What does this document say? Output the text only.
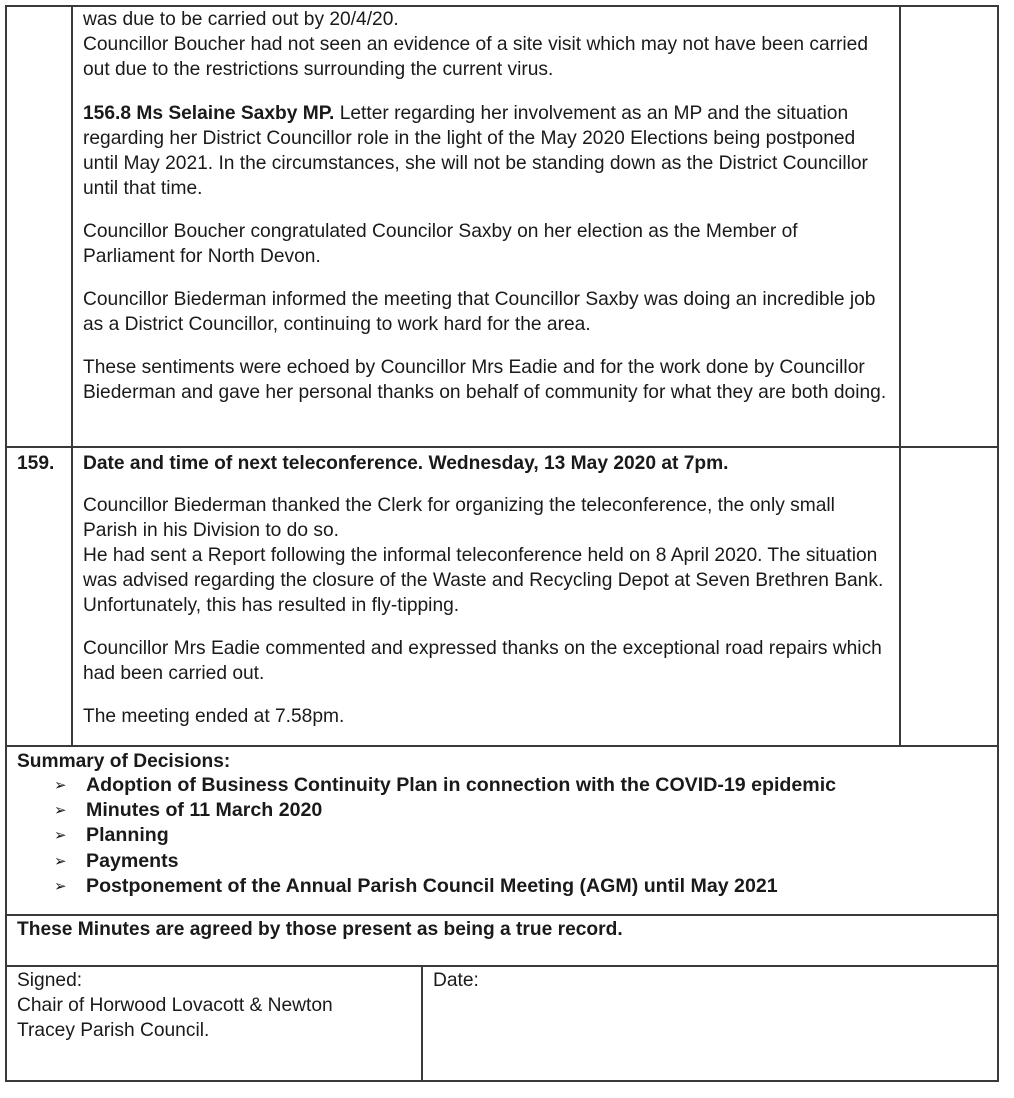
was due to be carried out by 20/4/20.
Councillor Boucher had not seen an evidence of a site visit which may not have been carried out due to the restrictions surrounding the current virus.
156.8 Ms Selaine Saxby MP. Letter regarding her involvement as an MP and the situation regarding her District Councillor role in the light of the May 2020 Elections being postponed until May 2021. In the circumstances, she will not be standing down as the District Councillor until that time.
Councillor Boucher congratulated Councilor Saxby on her election as the Member of Parliament for North Devon.
Councillor Biederman informed the meeting that Councillor Saxby was doing an incredible job as a District Councillor, continuing to work hard for the area.
These sentiments were echoed by Councillor Mrs Eadie and for the work done by Councillor Biederman and gave her personal thanks on behalf of community for what they are both doing.
159. Date and time of next teleconference. Wednesday, 13 May 2020 at 7pm.
Councillor Biederman thanked the Clerk for organizing the teleconference, the only small Parish in his Division to do so.
He had sent a Report following the informal teleconference held on 8 April 2020. The situation was advised regarding the closure of the Waste and Recycling Depot at Seven Brethren Bank. Unfortunately, this has resulted in fly-tipping.
Councillor Mrs Eadie commented and expressed thanks on the exceptional road repairs which had been carried out.
The meeting ended at 7.58pm.
Summary of Decisions:
➢ Adoption of Business Continuity Plan in connection with the COVID-19 epidemic
➢ Minutes of 11 March 2020
➢ Planning
➢ Payments
➢ Postponement of the Annual Parish Council Meeting (AGM) until May 2021
These Minutes are agreed by those present as being a true record.
Signed:
Chair of Horwood Lovacott & Newton
Tracey Parish Council.
Date:
